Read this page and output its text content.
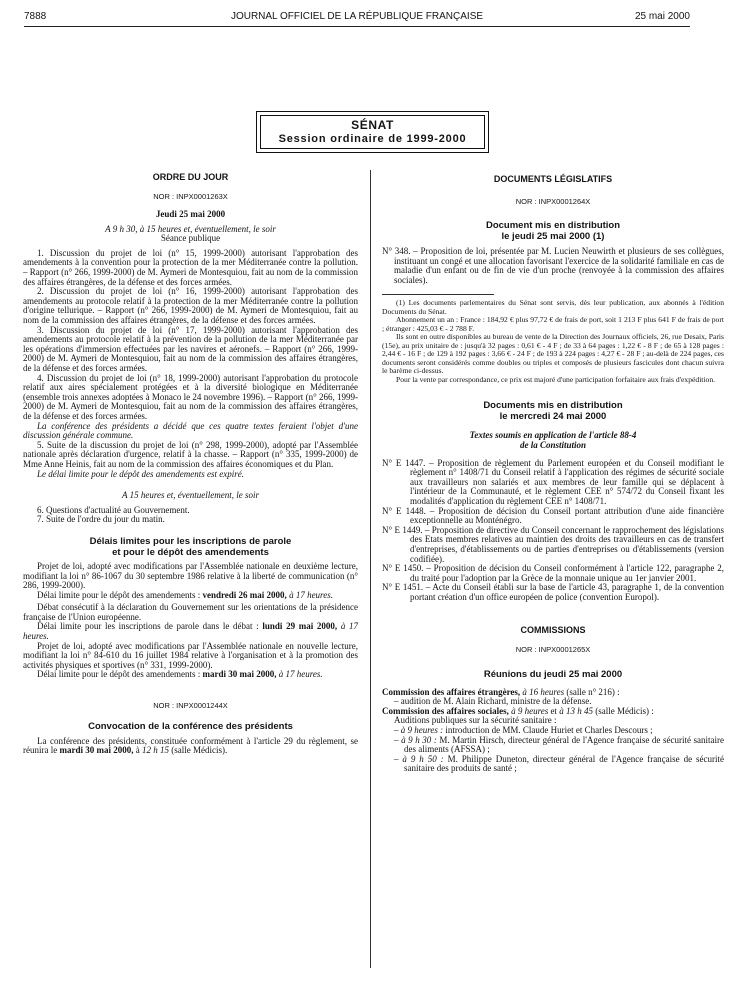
7888	JOURNAL OFFICIEL DE LA RÉPUBLIQUE FRANÇAISE	25 mai 2000
SÉNAT
Session ordinaire de 1999-2000
ORDRE DU JOUR
NOR : INPX0001263X
Jeudi 25 mai 2000
A 9 h 30, à 15 heures et, éventuellement, le soir
Séance publique

1. Discussion du projet de loi (n° 15, 1999-2000) autorisant l'approbation des amendements à la convention pour la protection de la mer Méditerranée contre la pollution. – Rapport (n° 266, 1999-2000) de M. Aymeri de Montesquiou, fait au nom de la commission des affaires étrangères, de la défense et des forces armées.

2. Discussion du projet de loi (n° 16, 1999-2000) autorisant l'approbation des amendements au protocole relatif à la protection de la mer Méditerranée contre la pollution d'origine tellurique. – Rapport (n° 266, 1999-2000) de M. Aymeri de Montesquiou, fait au nom de la commission des affaires étrangères, de la défense et des forces armées.

3. Discussion du projet de loi (n° 17, 1999-2000) autorisant l'approbation des amendements au protocole relatif à la prévention de la pollution de la mer Méditerranée par les opérations d'immersion effectuées par les navires et aéronefs. – Rapport (n° 266, 1999-2000) de M. Aymeri de Montesquiou, fait au nom de la commission des affaires étrangères, de la défense et des forces armées.

4. Discussion du projet de loi (n° 18, 1999-2000) autorisant l'approbation du protocole relatif aux aires spécialement protégées et à la diversité biologique en Méditerranée (ensemble trois annexes adoptées à Monaco le 24 novembre 1996). – Rapport (n° 266, 1999-2000) de M. Aymeri de Montesquiou, fait au nom de la commission des affaires étrangères, de la défense et des forces armées.

La conférence des présidents a décidé que ces quatre textes feraient l'objet d'une discussion générale commune.

5. Suite de la discussion du projet de loi (n° 298, 1999-2000), adopté par l'Assemblée nationale après déclaration d'urgence, relatif à la chasse. – Rapport (n° 335, 1999-2000) de Mme Anne Heinis, fait au nom de la commission des affaires économiques et du Plan.

Le délai limite pour le dépôt des amendements est expiré.

A 15 heures et, éventuellement, le soir

6. Questions d'actualité au Gouvernement.

7. Suite de l'ordre du jour du matin.

Délais limites pour les inscriptions de parole
et pour le dépôt des amendements

Projet de loi, adopté avec modifications par l'Assemblée nationale en deuxième lecture, modifiant la loi n° 86-1067 du 30 septembre 1986 relative à la liberté de communication (n° 286, 1999-2000).

Délai limite pour le dépôt des amendements : vendredi 26 mai 2000, à 17 heures.

Débat consécutif à la déclaration du Gouvernement sur les orientations de la présidence française de l'Union européenne.

Délai limite pour les inscriptions de parole dans le débat : lundi 29 mai 2000, à 17 heures.

Projet de loi, adopté avec modifications par l'Assemblée nationale en nouvelle lecture, modifiant la loi n° 84-610 du 16 juillet 1984 relative à l'organisation et à la promotion des activités physiques et sportives (n° 331, 1999-2000).

Délai limite pour le dépôt des amendements : mardi 30 mai 2000, à 17 heures.

NOR : INPX0001244X
Convocation de la conférence des présidents

La conférence des présidents, constituée conformément à l'article 29 du règlement, se réunira le mardi 30 mai 2000, à 12 h 15 (salle Médicis).

DOCUMENTS LÉGISLATIFS
NOR : INPX0001264X
Document mis en distribution
le jeudi 25 mai 2000 (1)

N° 348. – Proposition de loi, présentée par M. Lucien Neuwirth et plusieurs de ses collègues, instituant un congé et une allocation favorisant l'exercice de la solidarité familiale en cas de maladie d'un enfant ou de fin de vie d'un proche (renvoyée à la commission des affaires sociales).

(1) Les documents parlementaires du Sénat sont servis, dès leur publication, aux abonnés à l'édition Documents du Sénat.

Abonnement un an : France : 184,92 € plus 97,72 € de frais de port, soit 1 213 F plus 641 F de frais de port ; étranger : 425,03 € - 2 788 F.

Ils sont en outre disponibles au bureau de vente de la Direction des Journaux officiels, 26, rue Desaix, Paris (15e), au prix unitaire de : jusqu'à 32 pages : 0,61 € - 4 F ; de 33 à 64 pages : 1,22 € - 8 F ; de 65 à 128 pages : 2,44 € - 16 F ; de 129 à 192 pages : 3,66 € - 24 F ; de 193 à 224 pages : 4,27 € - 28 F ; au-delà de 224 pages, ces documents seront considérés comme doubles ou triples et composés de plusieurs fascicules dont chacun suivra le barème ci-dessus.

Pour la vente par correspondance, ce prix est majoré d'une participation forfaitaire aux frais d'expédition.

Documents mis en distribution
le mercredi 24 mai 2000
Textes soumis en application de l'article 88-4
de la Constitution

N° E 1447. – Proposition de règlement du Parlement européen et du Conseil modifiant le règlement n° 1408/71 du Conseil relatif à l'application des régimes de sécurité sociale aux travailleurs non salariés et aux membres de leur famille qui se déplacent à l'intérieur de la Communauté, et le règlement CEE n° 574/72 du Conseil fixant les modalités d'application du règlement CEE n° 1408/71.

N° E 1448. – Proposition de décision du Conseil portant attribution d'une aide financière exceptionnelle au Monténégro.

N° E 1449. – Proposition de directive du Conseil concernant le rapprochement des législations des Etats membres relatives au maintien des droits des travailleurs en cas de transfert d'entreprises, d'établissements ou de parties d'entreprises ou d'établissements (version codifiée).

N° E 1450. – Proposition de décision du Conseil conformément à l'article 122, paragraphe 2, du traité pour l'adoption par la Grèce de la monnaie unique au 1er janvier 2001.

N° E 1451. – Acte du Conseil établi sur la base de l'article 43, paragraphe 1, de la convention portant création d'un office européen de police (convention Europol).

COMMISSIONS
NOR : INPX0001265X
Réunions du jeudi 25 mai 2000

Commission des affaires étrangères, à 16 heures (salle n° 216) :

– audition de M. Alain Richard, ministre de la défense.

Commission des affaires sociales, à 9 heures et à 13 h 45 (salle Médicis) :

Auditions publiques sur la sécurité sanitaire :

– à 9 heures : introduction de MM. Claude Huriet et Charles Descours ;

– à 9 h 30 : M. Martin Hirsch, directeur général de l'Agence française de sécurité sanitaire des aliments (AFSSA) ;

– à 9 h 50 : M. Philippe Duneton, directeur général de l'Agence française de sécurité sanitaire des produits de santé ;
